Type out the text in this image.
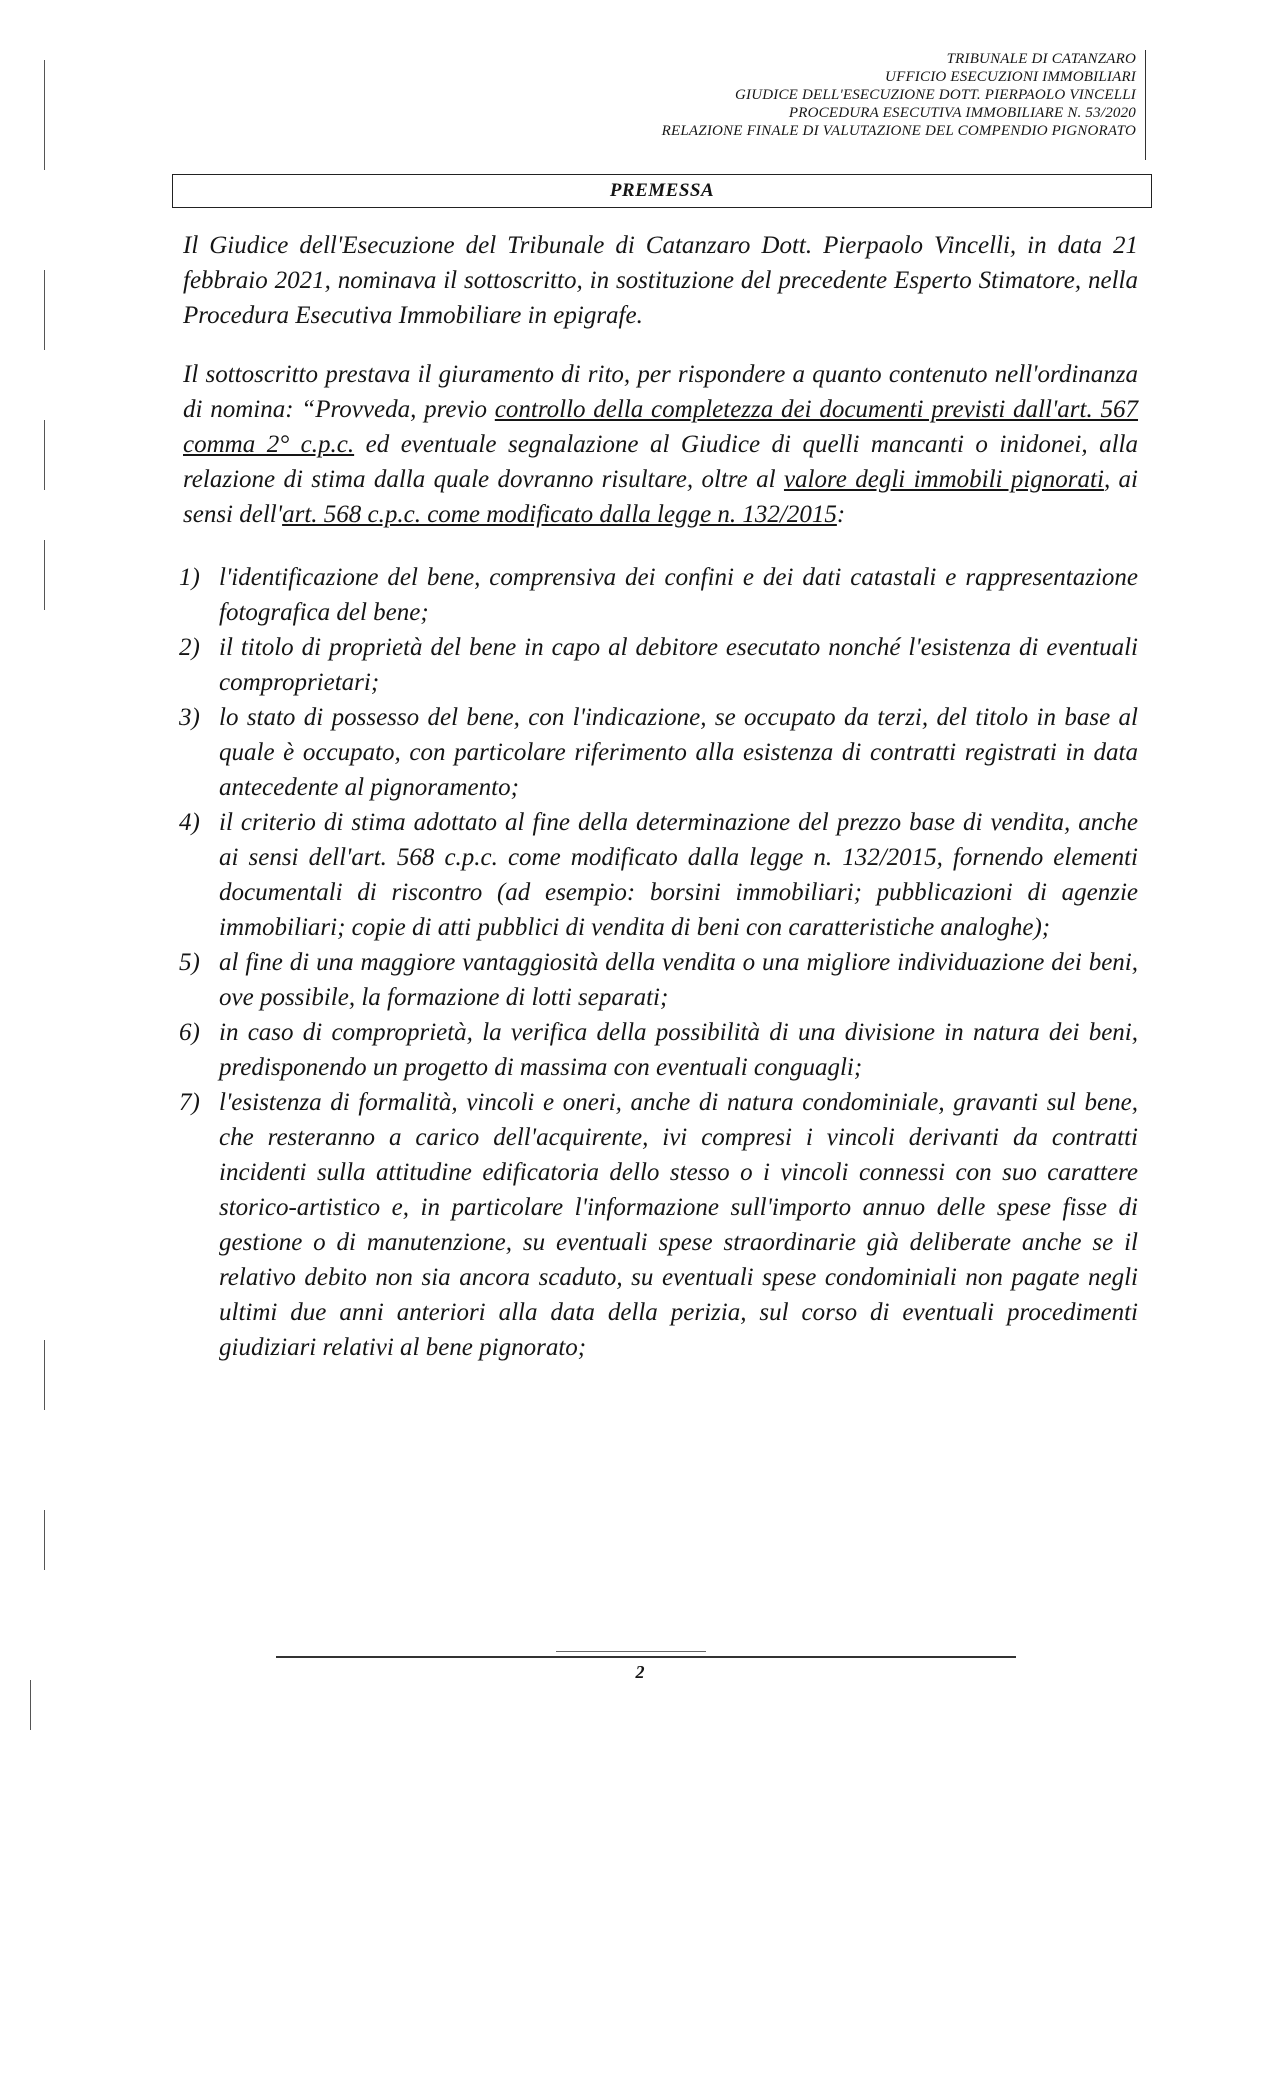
TRIBUNALE DI CATANZARO
UFFICIO ESECUZIONI IMMOBILIARI
GIUDICE DELL'ESECUZIONE DOTT. PIERPAOLO VINCELLI
PROCEDURA ESECUTIVA IMMOBILIARE N. 53/2020
RELAZIONE FINALE DI VALUTAZIONE DEL COMPENDIO PIGNORATO
PREMESSA

Il Giudice dell'Esecuzione del Tribunale di Catanzaro Dott. Pierpaolo Vincelli, in data 21 febbraio 2021, nominava il sottoscritto, in sostituzione del precedente Esperto Stimatore, nella Procedura Esecutiva Immobiliare in epigrafe.

Il sottoscritto prestava il giuramento di rito, per rispondere a quanto contenuto nell'ordinanza di nomina: “Provveda, previo controllo della completezza dei documenti previsti dall'art. 567 comma 2° c.p.c. ed eventuale segnalazione al Giudice di quelli mancanti o inidonei, alla relazione di stima dalla quale dovranno risultare, oltre al valore degli immobili pignorati, ai sensi dell'art. 568 c.p.c. come modificato dalla legge n. 132/2015:

1) l'identificazione del bene, comprensiva dei confini e dei dati catastali e rappresentazione fotografica del bene;
2) il titolo di proprietà del bene in capo al debitore esecutato nonché l'esistenza di eventuali comproprietari;
3) lo stato di possesso del bene, con l'indicazione, se occupato da terzi, del titolo in base al quale è occupato, con particolare riferimento alla esistenza di contratti registrati in data antecedente al pignoramento;
4) il criterio di stima adottato al fine della determinazione del prezzo base di vendita, anche ai sensi dell'art. 568 c.p.c. come modificato dalla legge n. 132/2015, fornendo elementi documentali di riscontro (ad esempio: borsini immobiliari; pubblicazioni di agenzie immobiliari; copie di atti pubblici di vendita di beni con caratteristiche analoghe);
5) al fine di una maggiore vantaggiosità della vendita o una migliore individuazione dei beni, ove possibile, la formazione di lotti separati;
6) in caso di comproprietà, la verifica della possibilità di una divisione in natura dei beni, predisponendo un progetto di massima con eventuali conguagli;
7) l'esistenza di formalità, vincoli e oneri, anche di natura condominiale, gravanti sul bene, che resteranno a carico dell'acquirente, ivi compresi i vincoli derivanti da contratti incidenti sulla attitudine edificatoria dello stesso o i vincoli connessi con suo carattere storico-artistico e, in particolare l'informazione sull'importo annuo delle spese fisse di gestione o di manutenzione, su eventuali spese straordinarie già deliberate anche se il relativo debito non sia ancora scaduto, su eventuali spese condominiali non pagate negli ultimi due anni anteriori alla data della perizia, sul corso di eventuali procedimenti giudiziari relativi al bene pignorato;
2
